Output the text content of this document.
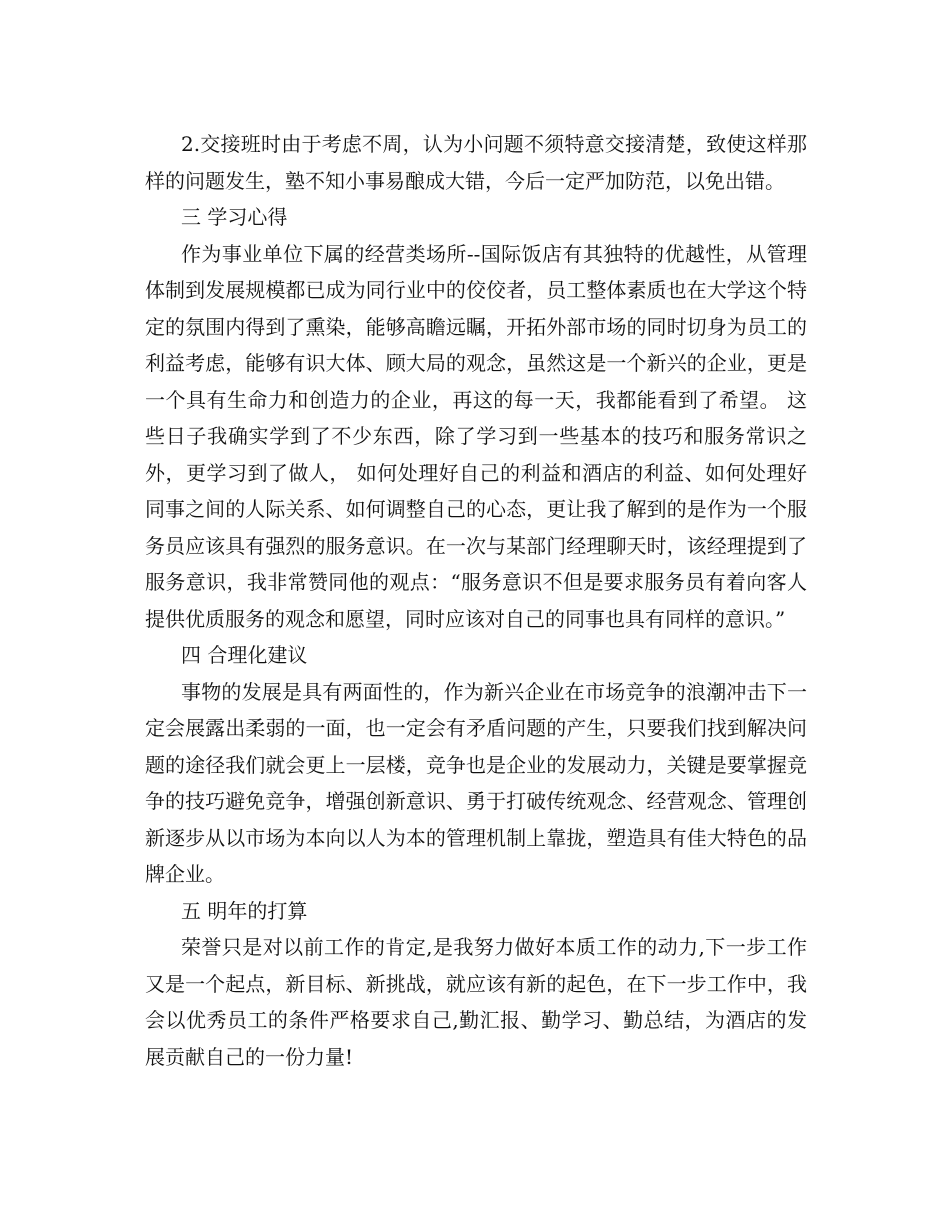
2.交接班时由于考虑不周，认为小问题不须特意交接清楚，致使这样那样的问题发生，塾不知小事易酿成大错，今后一定严加防范，以免出错。

三 学习心得

作为事业单位下属的经营类场所--国际饭店有其独特的优越性，从管理体制到发展规模都已成为同行业中的佼佼者，员工整体素质也在大学这个特定的氛围内得到了熏染，能够高瞻远瞩，开拓外部市场的同时切身为员工的利益考虑，能够有识大体、顾大局的观念，虽然这是一个新兴的企业，更是一个具有生命力和创造力的企业，再这的每一天，我都能看到了希望。 这些日子我确实学到了不少东西，除了学习到一些基本的技巧和服务常识之外，更学习到了做人， 如何处理好自己的利益和酒店的利益、如何处理好同事之间的人际关系、如何调整自己的心态，更让我了解到的是作为一个服务员应该具有强烈的服务意识。在一次与某部门经理聊天时，该经理提到了服务意识，我非常赞同他的观点：“服务意识不但是要求服务员有着向客人提供优质服务的观念和愿望，同时应该对自己的同事也具有同样的意识。”

四 合理化建议

事物的发展是具有两面性的，作为新兴企业在市场竞争的浪潮冲击下一定会展露出柔弱的一面，也一定会有矛盾问题的产生，只要我们找到解决问题的途径我们就会更上一层楼，竞争也是企业的发展动力，关键是要掌握竞争的技巧避免竞争，增强创新意识、勇于打破传统观念、经营观念、管理创新逐步从以市场为本向以人为本的管理机制上靠拢，塑造具有佳大特色的品牌企业。

五 明年的打算

荣誉只是对以前工作的肯定,是我努力做好本质工作的动力,下一步工作又是一个起点，新目标、新挑战，就应该有新的起色，在下一步工作中，我会以优秀员工的条件严格要求自己,勤汇报、勤学习、勤总结，为酒店的发展贡献自己的一份力量!
